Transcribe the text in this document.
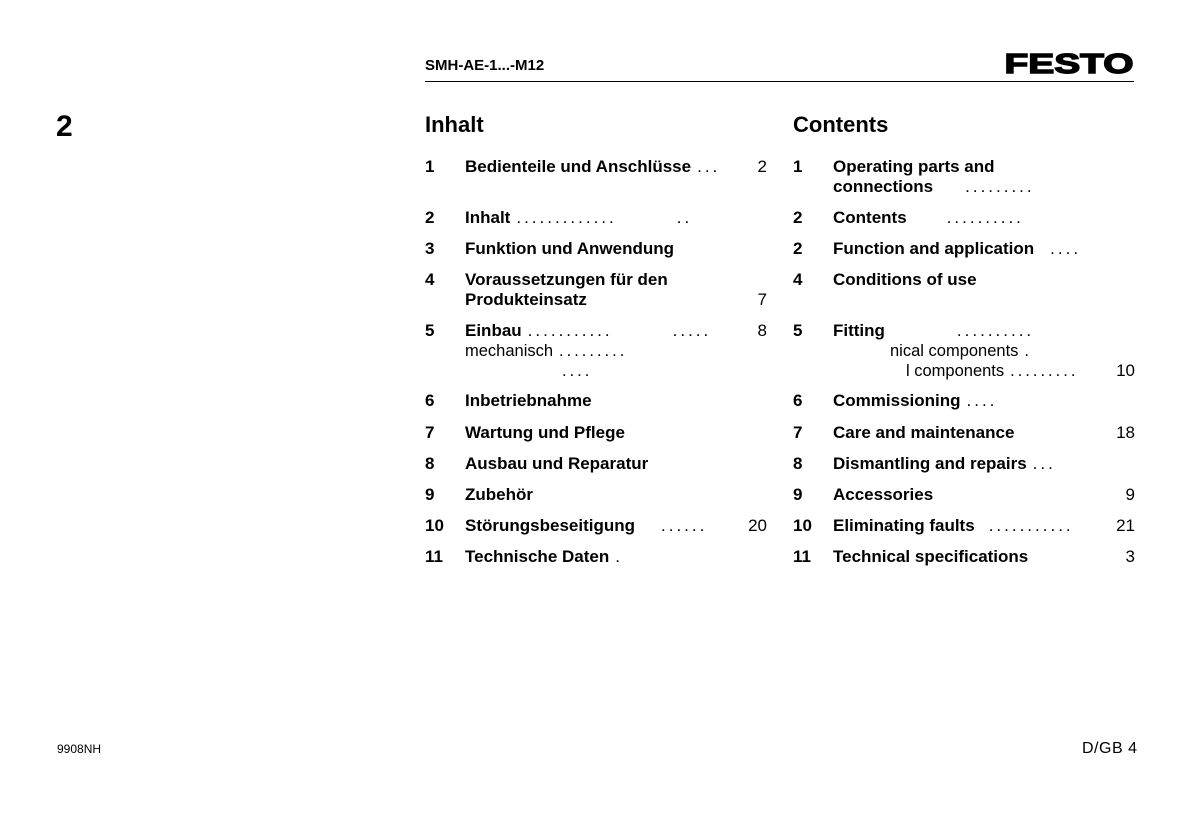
SMH-AE-1...-M12	FESTO
2	Inhalt	Contents
1 Bedienteile und Anschlüsse ... 2
2 Inhalt .............	..
3 Funktion und Anwendung
4 Voraussetzungen für den
Produkteinsatz	7
5 Einbau ...........	.....	8
mechanisch .........
....
6 Inbetriebnahme
7 Wartung und Pflege
8 Ausbau und Reparatur
9 Zubehör
10 Störungsbeseitigung ...... 20
11 Technische Daten .
1 Operating parts and
connections .........
2 Contents ..........
2 Function and application ....
4 Conditions of use
5 Fitting	..........
nical components .
l components ......... 10
6 Commissioning ....
7 Care and maintenance	18
8 Dismantling and repairs ...
9 Accessories	9
10 Eliminating faults ........... 21
11 Technical specifications	3
9908NH	D/GB 4
